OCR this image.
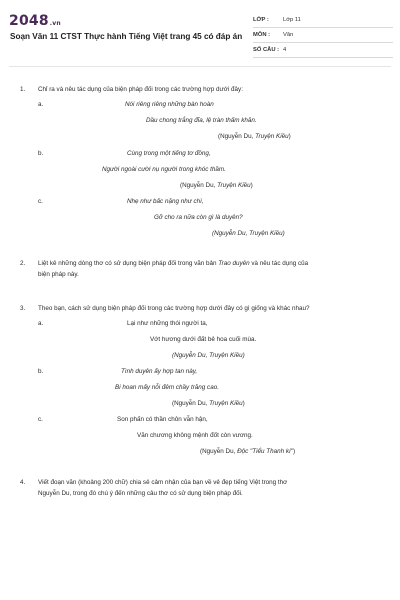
2048.vn
Soạn Văn 11 CTST Thực hành Tiếng Việt trang 45 có đáp án
LỚP :	Lớp 11
MÔN :	Văn
SỐ CÂU : 4
1. Chỉ ra và nêu tác dụng của biện pháp đối trong các trường hợp dưới đây:
a.	Nói riêng riêng những bàn hoàn
Dầu chong trắng đĩa, lệ tràn thấm khăn.
(Nguyễn Du, Truyện Kiều)
b.	Cùng trong một tiếng tơ đồng,
Người ngoài cười nụ người trong khóc thầm.
(Nguyễn Du, Truyện Kiều)
c.	Nhẹ như bấc nặng như chì,
Gỡ cho ra nữa còn gì là duyên?
(Nguyễn Du, Truyện Kiều)
2. Liệt kê những dòng thơ có sử dụng biện pháp đối trong văn bản Trao duyên và nêu tác dụng của
biện pháp này.
3. Theo bạn, cách sử dụng biện pháp đối trong các trường hợp dưới đây có gì giống và khác nhau?
a.	Lại như những thói người ta,
Vớt hương dưới đất bẻ hoa cuối mùa.
(Nguyễn Du, Truyện Kiều)
b.	Tình duyên ấy hợp tan này,
Bi hoan mấy nỗi đêm chầy trăng cao.
(Nguyễn Du, Truyện Kiều)
c.	Son phấn có thần chôn vẫn hận,
Văn chương không mệnh đốt còn vương.
(Nguyễn Du, Độc "Tiểu Thanh kí")
4. Viết đoạn văn (khoảng 200 chữ) chia sẻ cảm nhận của bạn về vẻ đẹp tiếng Việt trong thơ
Nguyễn Du, trong đó chú ý đến những câu thơ có sử dụng biện pháp đối.
